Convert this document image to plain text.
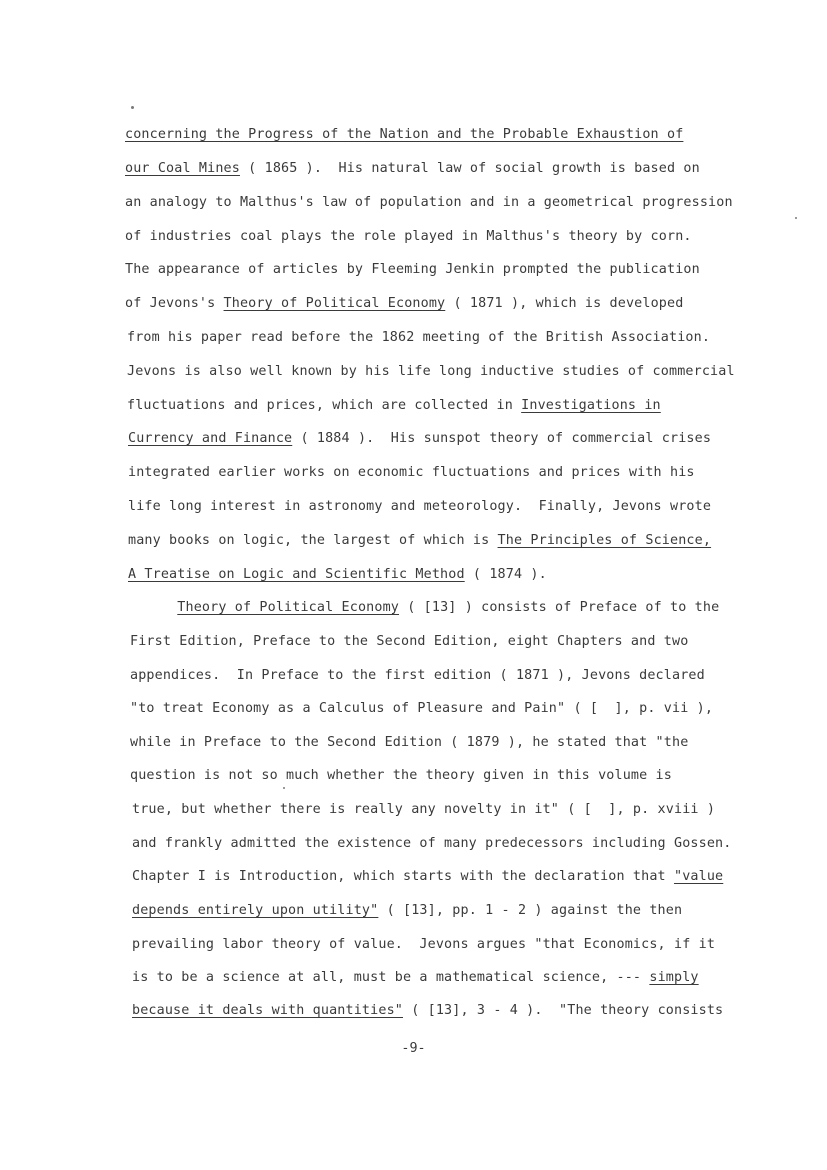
concerning the Progress of the Nation and the Probable Exhaustion of
our Coal Mines ( 1865 ).  His natural law of social growth is based on
an analogy to Malthus's law of population and in a geometrical progression
of industries coal plays the role played in Malthus's theory by corn.
The appearance of articles by Fleeming Jenkin prompted the publication
of Jevons's Theory of Political Economy ( 1871 ), which is developed
from his paper read before the 1862 meeting of the British Association.
Jevons is also well known by his life long inductive studies of commercial
fluctuations and prices, which are collected in Investigations in
Currency and Finance ( 1884 ).  His sunspot theory of commercial crises
integrated earlier works on economic fluctuations and prices with his
life long interest in astronomy and meteorology.  Finally, Jevons wrote
many books on logic, the largest of which is The Principles of Science,
A Treatise on Logic and Scientific Method ( 1874 ).
Theory of Political Economy ( [13] ) consists of Preface of to the
First Edition, Preface to the Second Edition, eight Chapters and two
appendices.  In Preface to the first edition ( 1871 ), Jevons declared
"to treat Economy as a Calculus of Pleasure and Pain" ( [  ], p. vii ),
while in Preface to the Second Edition ( 1879 ), he stated that "the
question is not so much whether the theory given in this volume is
true, but whether there is really any novelty in it" ( [  ], p. xviii )
and frankly admitted the existence of many predecessors including Gossen.
Chapter I is Introduction, which starts with the declaration that "value
depends entirely upon utility" ( [13], pp. 1 - 2 ) against the then
prevailing labor theory of value.  Jevons argues "that Economics, if it
is to be a science at all, must be a mathematical science, --- simply
because it deals with quantities" ( [13], 3 - 4 ).  "The theory consists
-9-
